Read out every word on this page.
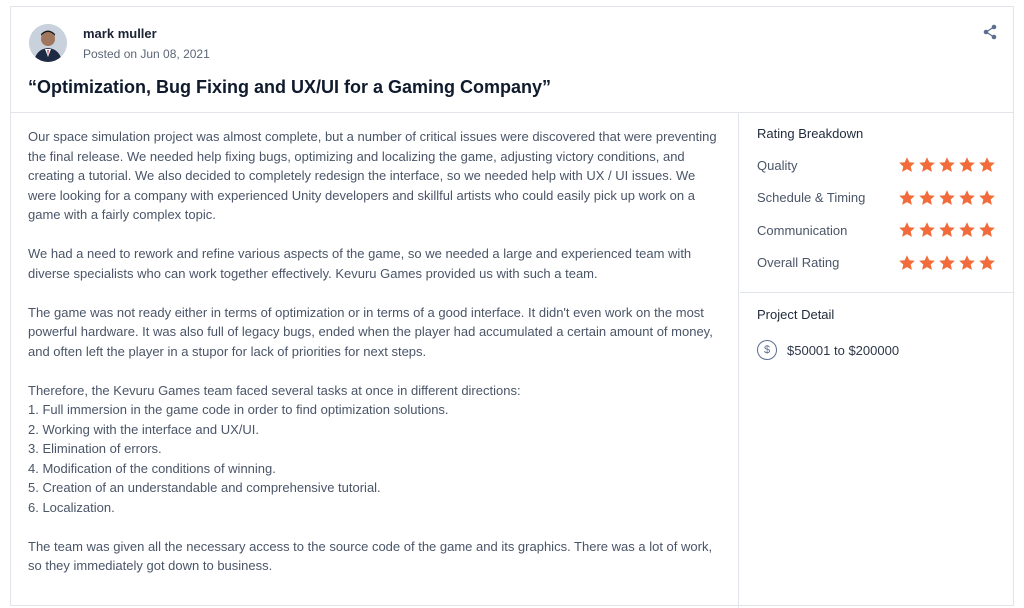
mark muller
Posted on Jun 08, 2021
“Optimization, Bug Fixing and UX/UI for a Gaming Company”

Our space simulation project was almost complete, but a number of critical issues were discovered that were preventing the final release. We needed help fixing bugs, optimizing and localizing the game, adjusting victory conditions, and creating a tutorial. We also decided to completely redesign the interface, so we needed help with UX / UI issues. We were looking for a company with experienced Unity developers and skillful artists who could easily pick up work on a game with a fairly complex topic.

We had a need to rework and refine various aspects of the game, so we needed a large and experienced team with diverse specialists who can work together effectively. Kevuru Games provided us with such a team.

The game was not ready either in terms of optimization or in terms of a good interface. It didn't even work on the most powerful hardware. It was also full of legacy bugs, ended when the player had accumulated a certain amount of money, and often left the player in a stupor for lack of priorities for next steps.

Therefore, the Kevuru Games team faced several tasks at once in different directions:
1. Full immersion in the game code in order to find optimization solutions.
2. Working with the interface and UX/UI.
3. Elimination of errors.
4. Modification of the conditions of winning.
5. Creation of an understandable and comprehensive tutorial.
6. Localization.

The team was given all the necessary access to the source code of the game and its graphics. There was a lot of work, so they immediately got down to business.

Rating Breakdown
Quality
Schedule & Timing
Communication
Overall Rating
Project Detail
$	$50001 to $200000
